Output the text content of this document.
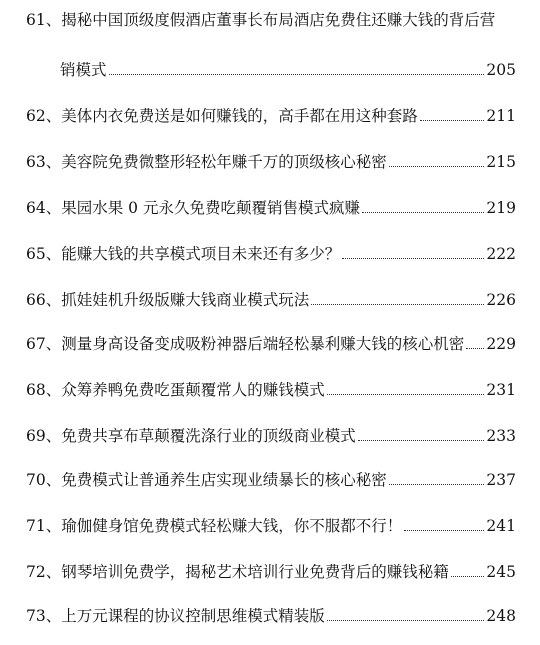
61、 揭秘中国顶级度假酒店董事长布局酒店免费住还赚大钱的背后营
销模式	205
62、 美体内衣免费送是如何赚钱的，高手都在用这种套路	211
63、 美容院免费微整形轻松年赚千万的顶级核心秘密	215
64、 果园水果 0 元永久免费吃颠覆销售模式疯赚	219
65、 能赚大钱的共享模式项目未来还有多少？	222
66、 抓娃娃机升级版赚大钱商业模式玩法	226
67、 测量身高设备变成吸粉神器后端轻松暴利赚大钱的核心机密 229
68、 众筹养鸭免费吃蛋颠覆常人的赚钱模式	231
69、 免费共享布草颠覆洗涤行业的顶级商业模式	233
70、 免费模式让普通养生店实现业绩暴长的核心秘密	237
71、 瑜伽健身馆免费模式轻松赚大钱，你不服都不行！	241
72、 钢琴培训免费学，揭秘艺术培训行业免费背后的赚钱秘籍 245
73、 上万元课程的协议控制思维模式精装版	248
